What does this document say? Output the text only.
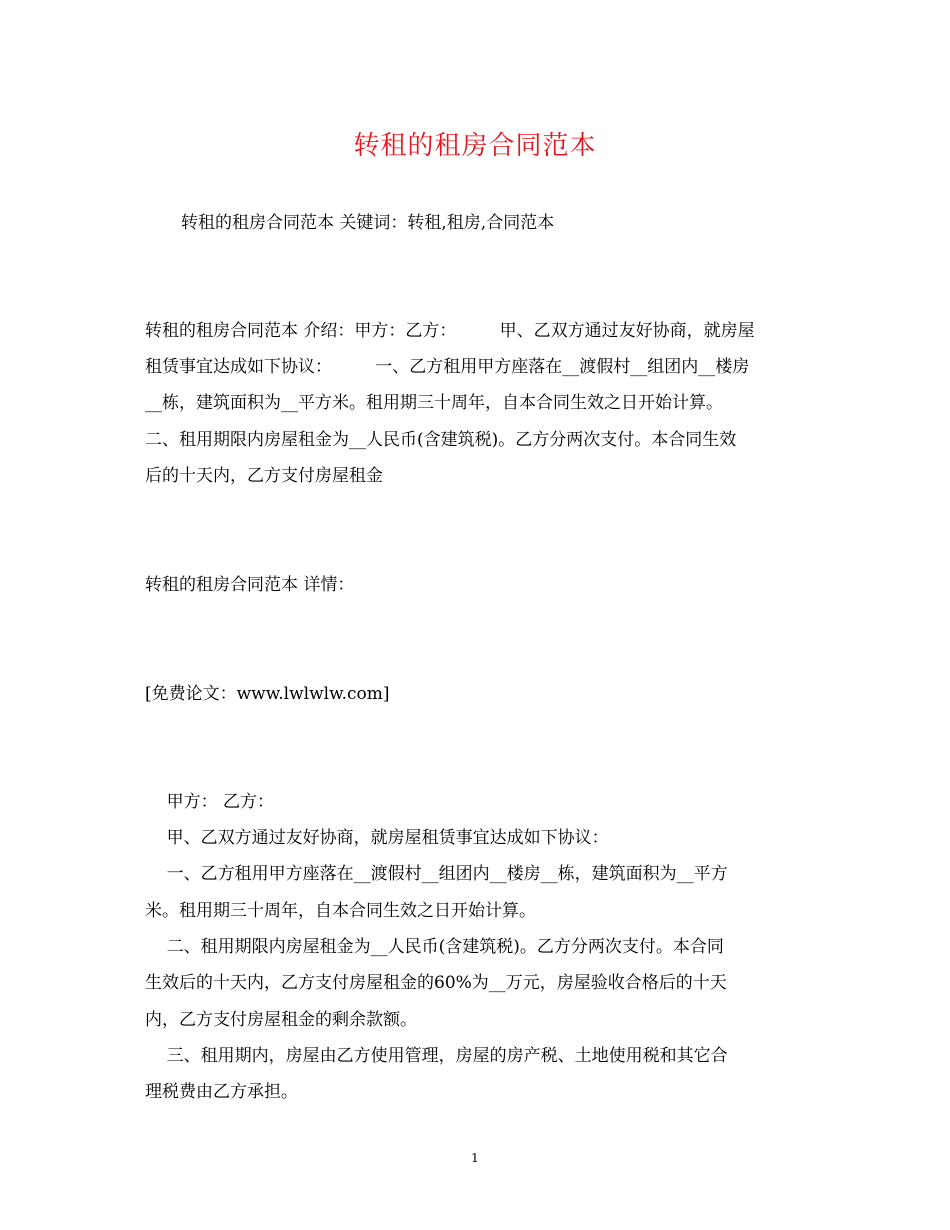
转租的租房合同范本
转租的租房合同范本 关键词：转租,租房,合同范本
转租的租房合同范本 介绍：甲方：乙方：        甲、乙双方通过友好协商，就房屋
租赁事宜达成如下协议：        一、乙方租用甲方座落在__渡假村__组团内__楼房
__栋，建筑面积为__平方米。租用期三十周年，自本合同生效之日开始计算。
二、租用期限内房屋租金为__人民币(含建筑税)。乙方分两次支付。本合同生效
后的十天内，乙方支付房屋租金
转租的租房合同范本 详情：
[免费论文：www.lwlwlw.com]
甲方： 乙方：
甲、乙双方通过友好协商，就房屋租赁事宜达成如下协议：
一、乙方租用甲方座落在__渡假村__组团内__楼房__栋，建筑面积为__平方
米。租用期三十周年，自本合同生效之日开始计算。
二、租用期限内房屋租金为__人民币(含建筑税)。乙方分两次支付。本合同
生效后的十天内，乙方支付房屋租金的60%为__万元，房屋验收合格后的十天
内，乙方支付房屋租金的剩余款额。
三、租用期内，房屋由乙方使用管理，房屋的房产税、土地使用税和其它合
理税费由乙方承担。
1
